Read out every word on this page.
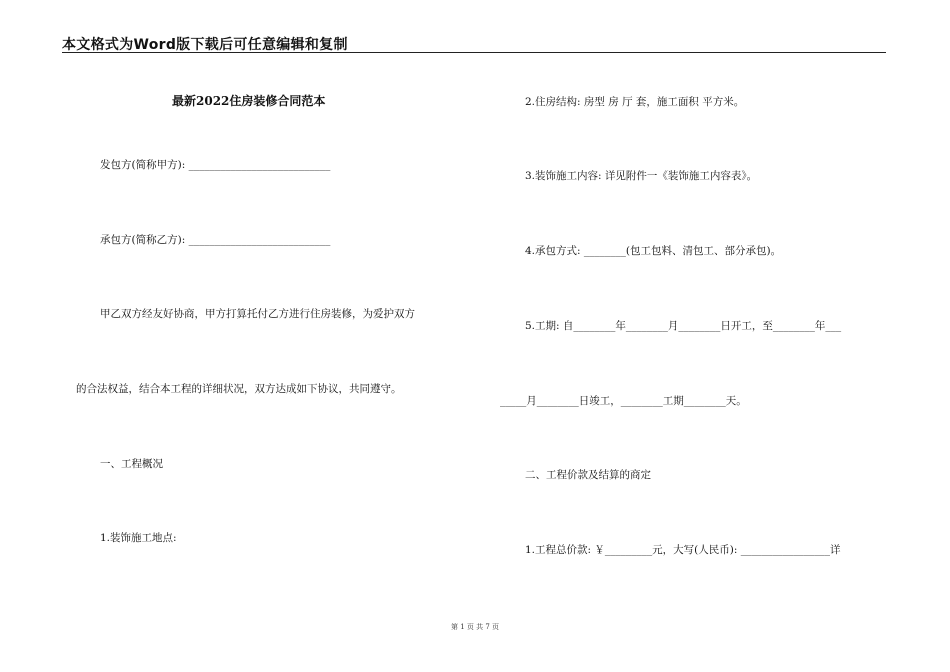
本文格式为Word版下载后可任意编辑和复制
最新2022住房装修合同范本
发包方(简称甲方): ___________________________
承包方(简称乙方): ___________________________
甲乙双方经友好协商，甲方打算托付乙方进行住房装修，为爱护双方
的合法权益，结合本工程的详细状况，双方达成如下协议，共同遵守。
一、工程概况
1.装饰施工地点:
2.住房结构: 房型 房 厅 套，施工面积 平方米。
3.装饰施工内容: 详见附件一《装饰施工内容表》。
4.承包方式: ________(包工包料、清包工、部分承包)。
5.工期: 自________年________月________日开工，至________年___
_____月________日竣工，________工期________天。
二、工程价款及结算的商定
1.工程总价款: ￥_________元，大写(人民币): _________________详
第 1 页 共 7 页
